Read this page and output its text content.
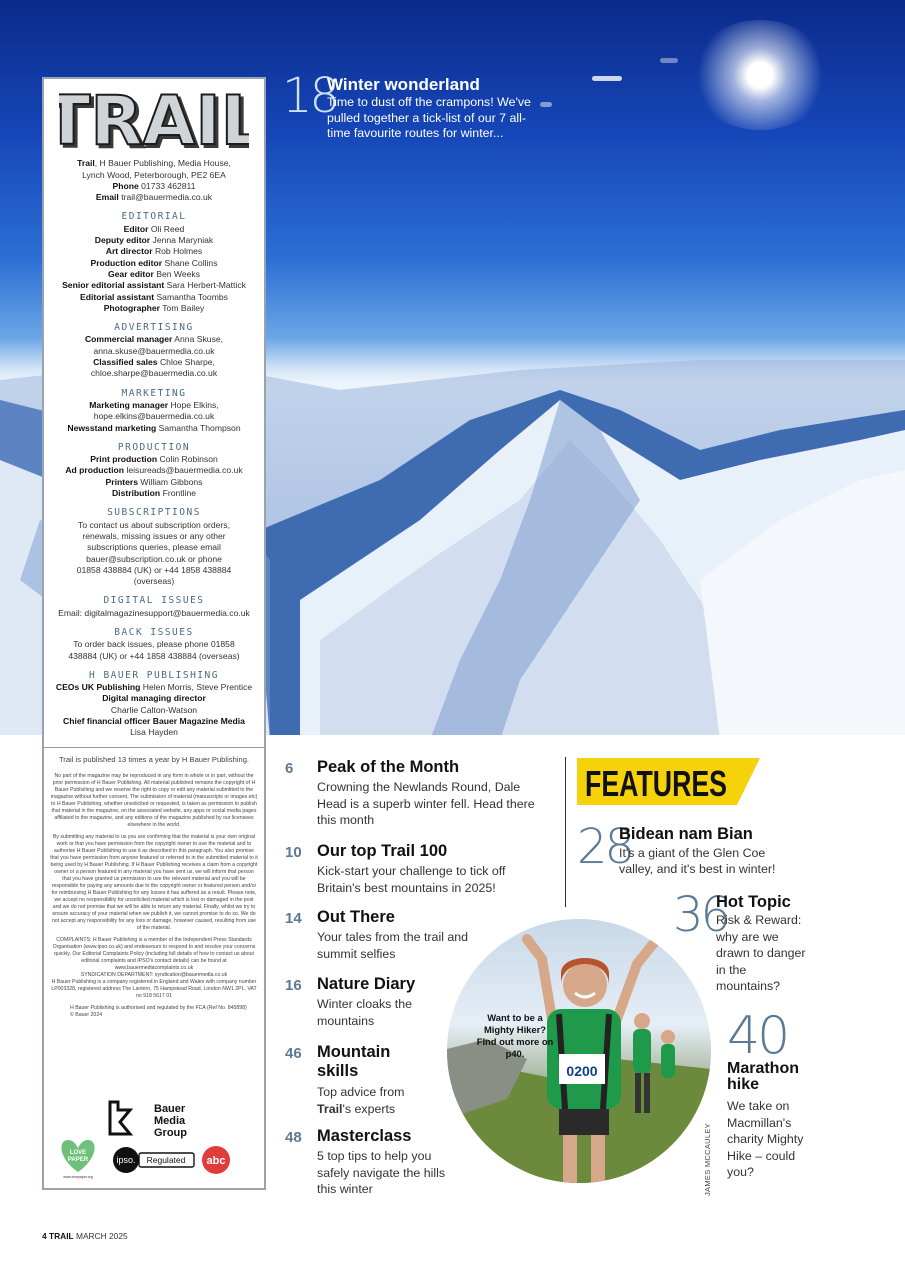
TRAIL
TRAIL
Trail, H Bauer Publishing, Media House,
Lynch Wood, Peterborough, PE2 6EA
Phone 01733 462811
Email trail@bauermedia.co.uk
EDITORIAL
Editor Oli Reed
Deputy editor Jenna Maryniak
Art director Rob Holmes
Production editor Shane Collins
Gear editor Ben Weeks
Senior editorial assistant Sara Herbert-Mattick
Editorial assistant Samantha Toombs
Photographer Tom Bailey
ADVERTISING
Commercial manager Anna Skuse,
anna.skuse@bauermedia.co.uk
Classified sales Chloe Sharpe,
chloe.sharpe@bauermedia.co.uk
MARKETING
Marketing manager Hope Elkins,
hope.elkins@bauermedia.co.uk
Newsstand marketing Samantha Thompson
PRODUCTION
Print production Colin Robinson
Ad production leisureads@bauermedia.co.uk
Printers William Gibbons
Distribution Frontline
SUBSCRIPTIONS
To contact us about subscription orders,
renewals, missing issues or any other
subscriptions queries, please email
bauer@subscription.co.uk or phone
01858 438884 (UK) or +44 1858 438884
(overseas)
DIGITAL ISSUES
Email: digitalmagazinesupport@bauermedia.co.uk
BACK ISSUES
To order back issues, please phone 01858
438884 (UK) or +44 1858 438884 (overseas)
H BAUER PUBLISHING
CEOs UK Publishing Helen Morris, Steve Prentice
Digital managing director
Charlie Calton-Watson
Chief financial officer Bauer Magazine Media
Lisa Hayden
Trail is published 13 times a year by H Bauer Publishing.
No part of the magazine may be reproduced in any form in whole or in part, without the prior permission of H Bauer Publishing. All material published remains the copyright of H Bauer Publishing and we reserve the right to copy or edit any material submitted to the magazine without further consent. The submission of material (manuscripts or images etc) to H Bauer Publishing, whether unsolicited or requested, is taken as permission to publish that material in the magazine, on the associated website, any apps or social media pages affiliated to the magazine, and any editions of the magazine published by our licensees elsewhere in the world.
By submitting any material to us you are confirming that the material is your own original work or that you have permission from the copyright owner to use the material and to authorise H Bauer Publishing to use it as described in this paragraph. You also promise that you have permission from anyone featured or referred to in the submitted material to it being used by H Bauer Publishing. If H Bauer Publishing receives a claim from a copyright owner or a person featured in any material you have sent us, we will inform that person that you have granted us permission to use the relevant material and you will be responsible for paying any amounts due to the copyright owner or featured person and/or for reimbursing H Bauer Publishing for any losses it has suffered as a result. Please note, we accept no responsibility for unsolicited material which is lost or damaged in the post and we do not promise that we will be able to return any material. Finally, whilst we try to ensure accuracy of your material when we publish it, we cannot promise to do so. We do not accept any responsibility for any loss or damage, however caused, resulting from use of the material.
COMPLAINTS: H Bauer Publishing is a member of the Independent Press Standards Organisation (www.ipso.co.uk) and endeavours to respond to and resolve your concerns quickly. Our Editorial Complaints Policy (including full details of how to contact us about editorial complaints and IPSO's contact details) can be found at www.bauermediacomplaints.co.uk
SYNDICATION DEPARTMENT: syndication@bauermedia.co.uk
H Bauer Publishing is a company registered in England and Wales with company number LP003328, registered address The Lantern, 75 Hampstead Road, London NW1 2PL. VAT no 918 5617 01
H Bauer Publishing is authorised and regulated by the FCA (Ref No. 845898)
© Bauer 2024
Bauer
Media
Group
LOVE
PAPER
www.lovepaper.org
ipso. Regulated abc
18
Winter wonderland
Time to dust off the crampons! We've pulled together a tick-list of our 7 all-time favourite routes for winter...
6 Peak of the Month
Crowning the Newlands Round, Dale Head is a superb winter fell. Head there this month
10 Our top Trail 100
Kick-start your challenge to tick off Britain's best mountains in 2025!
14 Out There
Your tales from the trail and summit selfies
16 Nature Diary
Winter cloaks the mountains
46 Mountain skills
Top advice from Trail's experts
48 Masterclass
5 top tips to help you safely navigate the hills this winter
FEATURES
28
Bidean nam Bian
It's a giant of the Glen Coe valley, and it's best in winter!
36
Hot Topic
Risk & Reward: why are we drawn to danger in the mountains?
40
Marathon hike
We take on Macmillan's charity Mighty Hike – could you?
0200
Want to be a Mighty Hiker? FInd out more on p40.
JAMES MCCAULEY
4 TRAIL MARCH 2025
